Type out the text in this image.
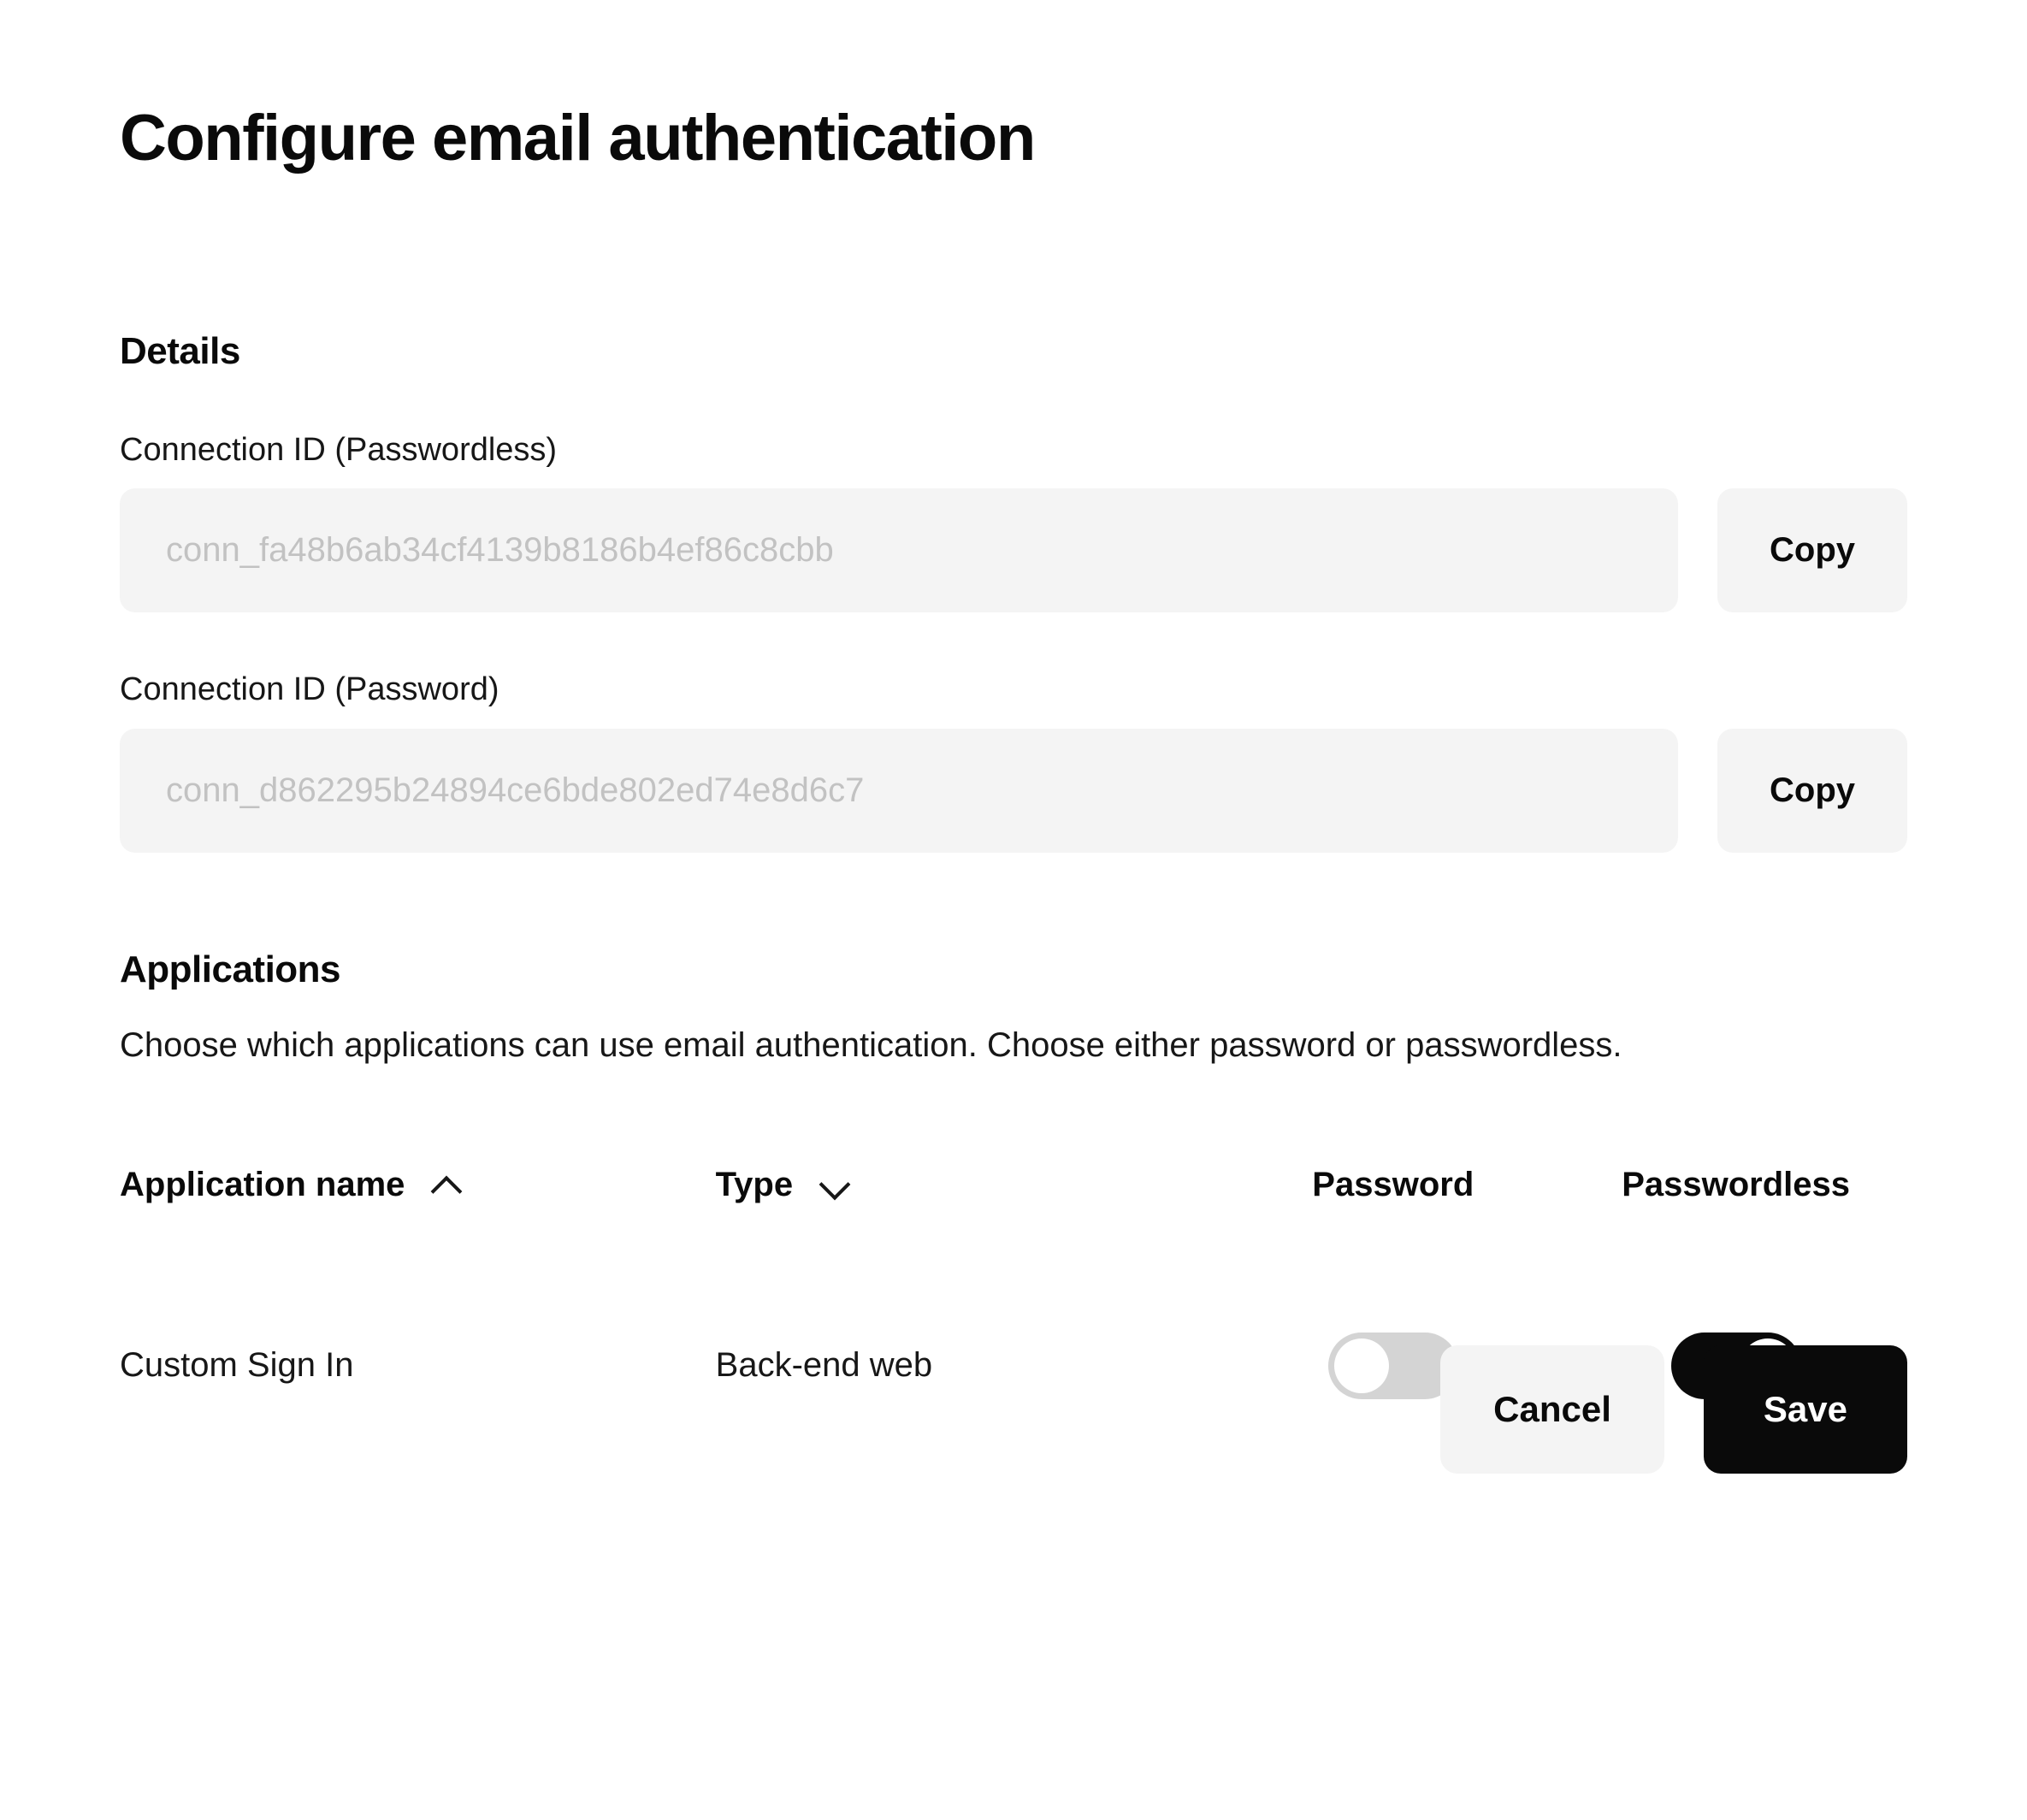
Configure email authentication
Details
Connection ID (Passwordless)
conn_fa48b6ab34cf4139b8186b4ef86c8cbb
Copy
Connection ID (Password)
conn_d862295b24894ce6bde802ed74e8d6c7
Copy
Applications

Choose which applications can use email authentication. Choose either password or passwordless.

Application name	Type	Password	Passwordless
Custom Sign In	Back-end web
Cancel	Save
